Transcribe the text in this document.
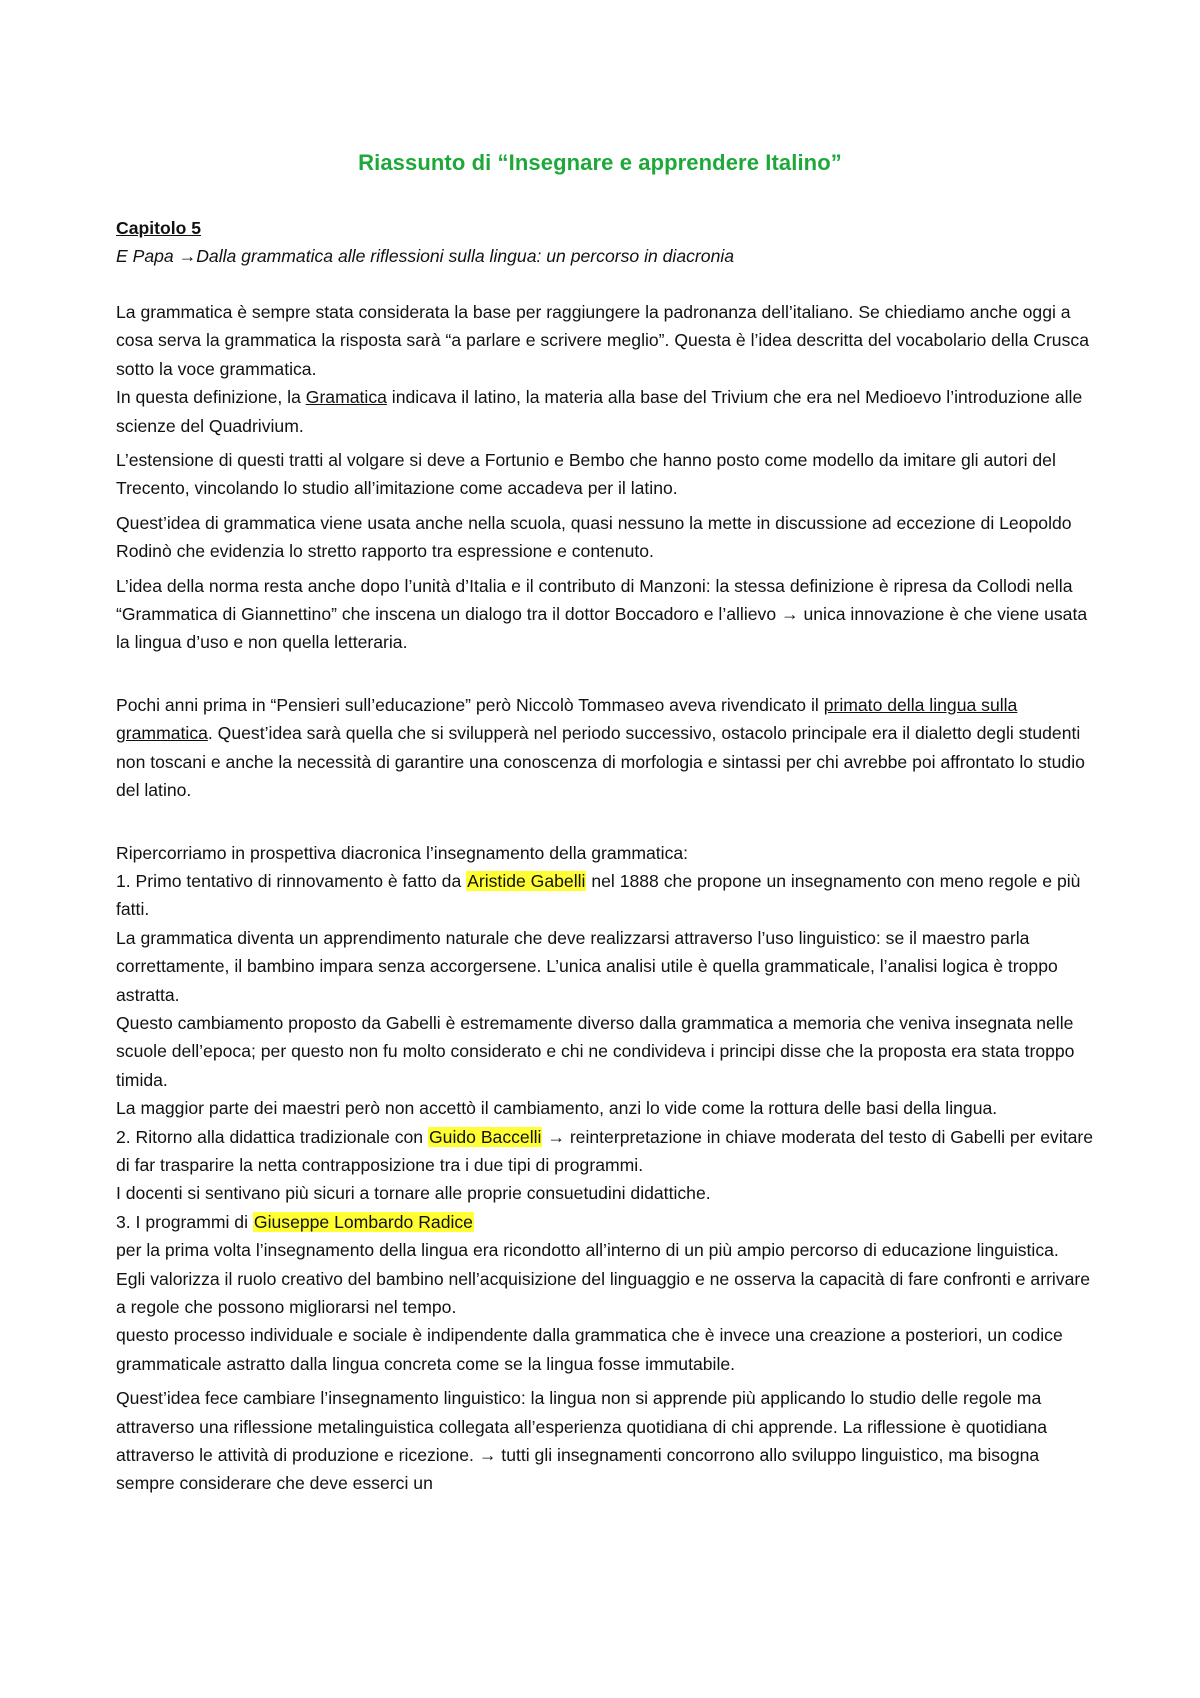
Riassunto di “Insegnare e apprendere Italino”
Capitolo 5
E Papa →Dalla grammatica alle riflessioni sulla lingua: un percorso in diacronia

La grammatica è sempre stata considerata la base per raggiungere la padronanza dell’italiano. Se chiediamo anche oggi a cosa serva la grammatica la risposta sarà “a parlare e scrivere meglio”. Questa è l’idea descritta del vocabolario della Crusca sotto la voce grammatica.

In questa definizione, la Gramatica indicava il latino, la materia alla base del Trivium che era nel Medioevo l’introduzione alle scienze del Quadrivium.

L’estensione di questi tratti al volgare si deve a Fortunio e Bembo che hanno posto come modello da imitare gli autori del Trecento, vincolando lo studio all’imitazione come accadeva per il latino.

Quest’idea di grammatica viene usata anche nella scuola, quasi nessuno la mette in discussione ad eccezione di Leopoldo Rodinò che evidenzia lo stretto rapporto tra espressione e contenuto.

L’idea della norma resta anche dopo l’unità d’Italia e il contributo di Manzoni: la stessa definizione è ripresa da Collodi nella “Grammatica di Giannettino” che inscena un dialogo tra il dottor Boccadoro e l’allievo → unica innovazione è che viene usata la lingua d’uso e non quella letteraria.

Pochi anni prima in “Pensieri sull’educazione” però Niccolò Tommaseo aveva rivendicato il primato della lingua sulla grammatica. Quest’idea sarà quella che si svilupperà nel periodo successivo, ostacolo principale era il dialetto degli studenti non toscani e anche la necessità di garantire una conoscenza di morfologia e sintassi per chi avrebbe poi affrontato lo studio del latino.

Ripercorriamo in prospettiva diacronica l’insegnamento della grammatica:

1. Primo tentativo di rinnovamento è fatto da Aristide Gabelli nel 1888 che propone un insegnamento con meno regole e più fatti.

La grammatica diventa un apprendimento naturale che deve realizzarsi attraverso l’uso linguistico: se il maestro parla correttamente, il bambino impara senza accorgersene. L’unica analisi utile è quella grammaticale, l’analisi logica è troppo astratta.

Questo cambiamento proposto da Gabelli è estremamente diverso dalla grammatica a memoria che veniva insegnata nelle scuole dell’epoca; per questo non fu molto considerato e chi ne condivideva i principi disse che la proposta era stata troppo timida.

La maggior parte dei maestri però non accettò il cambiamento, anzi lo vide come la rottura delle basi della lingua.

2. Ritorno alla didattica tradizionale con Guido Baccelli → reinterpretazione in chiave moderata del testo di Gabelli per evitare di far trasparire la netta contrapposizione tra i due tipi di programmi.

I docenti si sentivano più sicuri a tornare alle proprie consuetudini didattiche.

3. I programmi di Giuseppe Lombardo Radice

per la prima volta l’insegnamento della lingua era ricondotto all’interno di un più ampio percorso di educazione linguistica.

Egli valorizza il ruolo creativo del bambino nell’acquisizione del linguaggio e ne osserva la capacità di fare confronti e arrivare a regole che possono migliorarsi nel tempo.

questo processo individuale e sociale è indipendente dalla grammatica che è invece una creazione a posteriori, un codice grammaticale astratto dalla lingua concreta come se la lingua fosse immutabile.

Quest’idea fece cambiare l’insegnamento linguistico: la lingua non si apprende più applicando lo studio delle regole ma attraverso una riflessione metalinguistica collegata all’esperienza quotidiana di chi apprende. La riflessione è quotidiana attraverso le attività di produzione e ricezione. → tutti gli insegnamenti concorrono allo sviluppo linguistico, ma bisogna sempre considerare che deve esserci un
